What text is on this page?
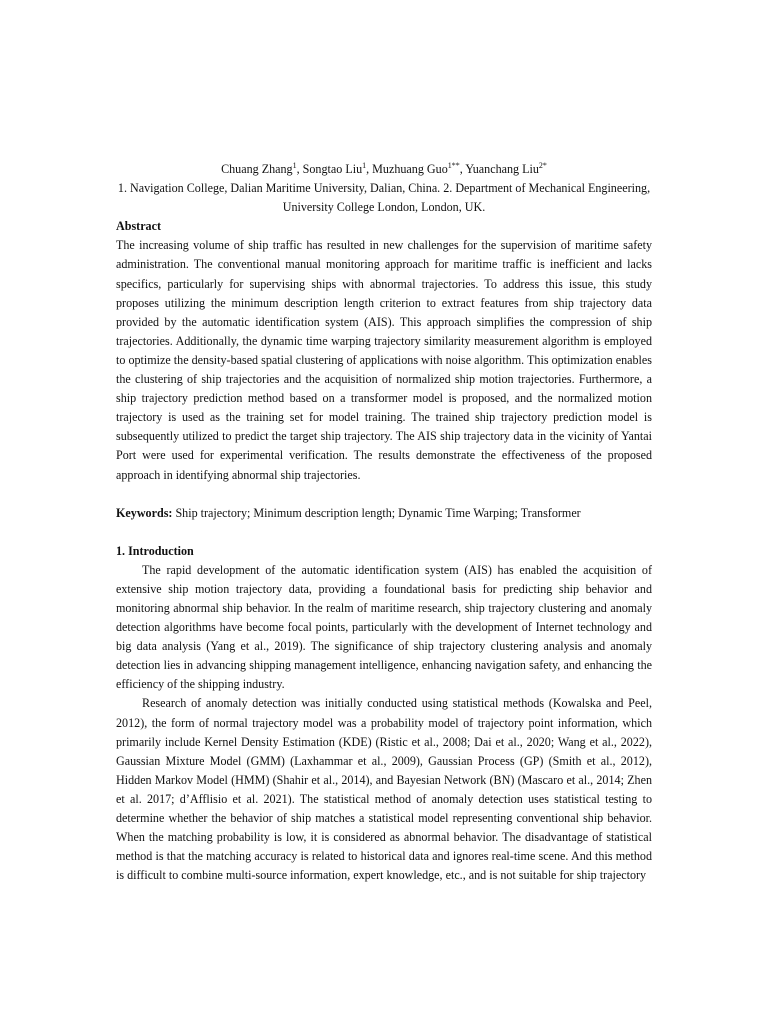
Chuang Zhang$^1$, Songtao Liu$^1$, Muzhuang Guo$^{1**}$, Yuanchang Liu$^{2*}$

1. Navigation College, Dalian Maritime University, Dalian, China. 2. Department of Mechanical Engineering, University College London, London, UK.

Abstract

The increasing volume of ship traffic has resulted in new challenges for the supervision of maritime safety administration. The conventional manual monitoring approach for maritime traffic is inefficient and lacks specifics, particularly for supervising ships with abnormal trajectories. To address this issue, this study proposes utilizing the minimum description length criterion to extract features from ship trajectory data provided by the automatic identification system (AIS). This approach simplifies the compression of ship trajectories. Additionally, the dynamic time warping trajectory similarity measurement algorithm is employed to optimize the density-based spatial clustering of applications with noise algorithm. This optimization enables the clustering of ship trajectories and the acquisition of normalized ship motion trajectories. Furthermore, a ship trajectory prediction method based on a transformer model is proposed, and the normalized motion trajectory is used as the training set for model training. The trained ship trajectory prediction model is subsequently utilized to predict the target ship trajectory. The AIS ship trajectory data in the vicinity of Yantai Port were used for experimental verification. The results demonstrate the effectiveness of the proposed approach in identifying abnormal ship trajectories.

Keywords: Ship trajectory; Minimum description length; Dynamic Time Warping; Transformer

1. Introduction

The rapid development of the automatic identification system (AIS) has enabled the acquisition of extensive ship motion trajectory data, providing a foundational basis for predicting ship behavior and monitoring abnormal ship behavior. In the realm of maritime research, ship trajectory clustering and anomaly detection algorithms have become focal points, particularly with the development of Internet technology and big data analysis (Yang et al., 2019). The significance of ship trajectory clustering analysis and anomaly detection lies in advancing shipping management intelligence, enhancing navigation safety, and enhancing the efficiency of the shipping industry.

Research of anomaly detection was initially conducted using statistical methods (Kowalska and Peel, 2012), the form of normal trajectory model was a probability model of trajectory point information, which primarily include Kernel Density Estimation (KDE) (Ristic et al., 2008; Dai et al., 2020; Wang et al., 2022), Gaussian Mixture Model (GMM) (Laxhammar et al., 2009), Gaussian Process (GP) (Smith et al., 2012), Hidden Markov Model (HMM) (Shahir et al., 2014), and Bayesian Network (BN) (Mascaro et al., 2014; Zhen et al. 2017; d’Afflisio et al. 2021). The statistical method of anomaly detection uses statistical testing to determine whether the behavior of ship matches a statistical model representing conventional ship behavior. When the matching probability is low, it is considered as abnormal behavior. The disadvantage of statistical method is that the matching accuracy is related to historical data and ignores real-time scene. And this method is difficult to combine multi-source information, expert knowledge, etc., and is not suitable for ship trajectory
